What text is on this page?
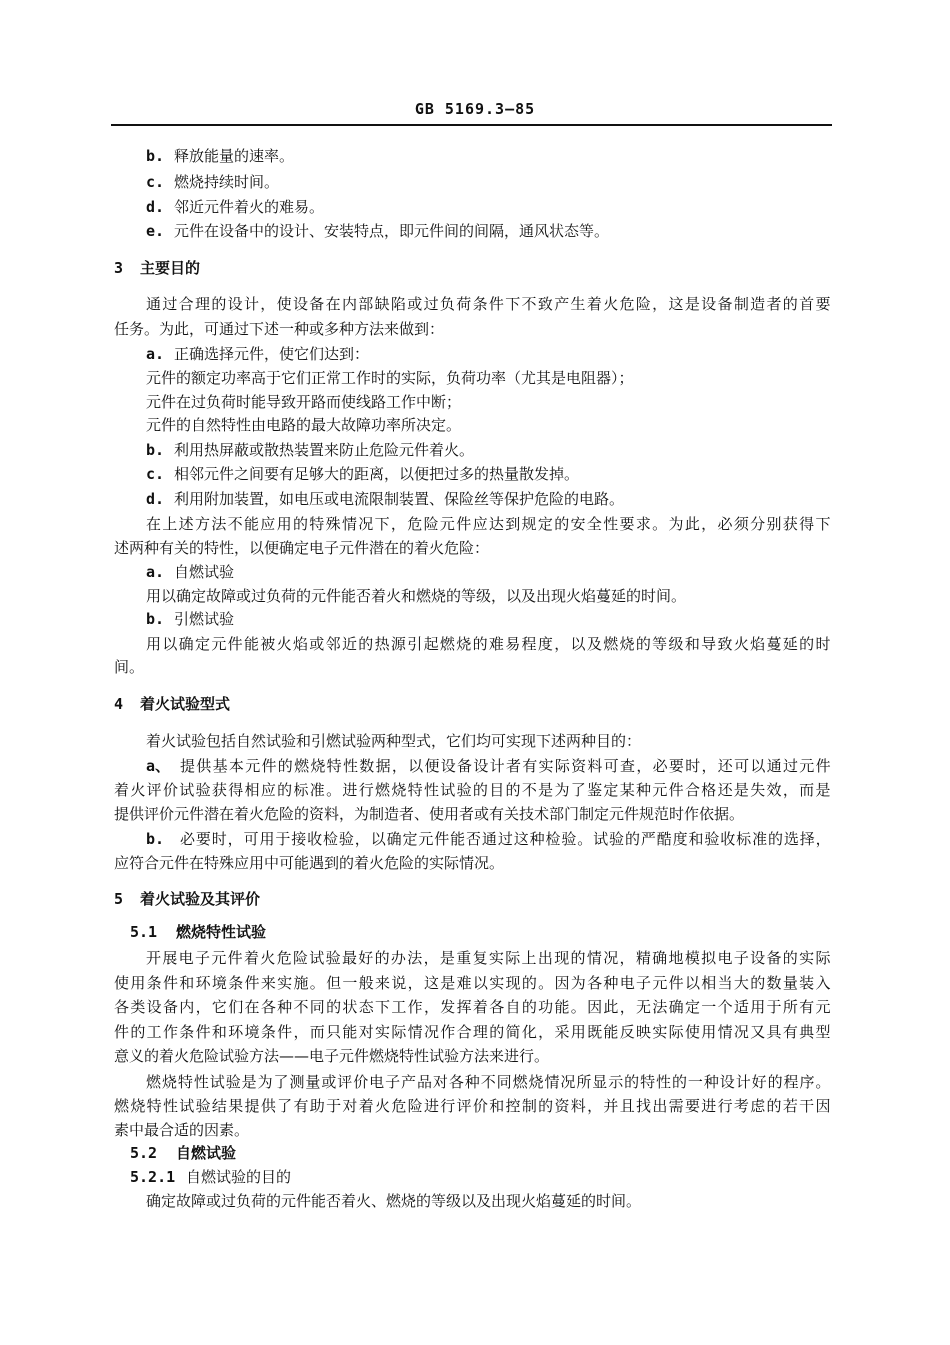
GB 5169.3—85
b. 释放能量的速率。
c. 燃烧持续时间。
d. 邻近元件着火的难易。
e. 元件在设备中的设计、安装特点，即元件间的间隔，通风状态等。
3 主要目的
通 过 合 理 的 设 计 ， 使 设 备 在 内 部 缺 陷 或 过 负 荷 条 件 下 不 致 产 生 着 火 危 险 ， 这 是 设 备 制 造 者 的 首 要
任务。为此，可通过下述一种或多种方法来做到：
a. 正确选择元件，使它们达到：
元件的额定功率高于它们正常工作时的实际，负荷功率（尤其是电阻器）；
元件在过负荷时能导致开路而使线路工作中断；
元件的自然特性由电路的最大故障功率所决定。
b. 利用热屏蔽或散热装置来防止危险元件着火。
c. 相邻元件之间要有足够大的距离，以便把过多的热量散发掉。
d. 利用附加装置，如电压或电流限制装置、保险丝等保护危险的电路。
在 上 述 方 法 不 能 应 用 的 特 殊 情 况 下 ， 危 险 元 件 应 达 到 规 定 的 安 全 性 要 求 。 为 此 ， 必 须 分 别 获 得 下
述两种有关的特性，以便确定电子元件潜在的着火危险：
a. 自燃试验
用以确定故障或过负荷的元件能否着火和燃烧的等级，以及出现火焰蔓延的时间。
b. 引燃试验
用 以 确 定 元 件 能 被 火 焰 或 邻 近 的 热 源 引 起 燃 烧 的 难 易 程 度 ， 以 及 燃 烧 的 等 级 和 导 致 火 焰 蔓 延 的 时
间。
4 着火试验型式
着火试验包括自然试验和引燃试验两种型式，它们均可实现下述两种目的：
a、 提 供 基 本 元 件 的 燃 烧 特 性 数 据 ， 以 便 设 备 设 计 者 有 实 际 资 料 可 查 ， 必 要 时 ， 还 可 以 通 过 元 件
着 火 评 价 试 验 获 得 相 应 的 标 准 。 进 行 燃 烧 特 性 试 验 的 目 的 不 是 为 了 鉴 定 某 种 元 件 合 格 还 是 失 效 ， 而 是
提供评价元件潜在着火危险的资料，为制造者、使用者或有关技术部门制定元件规范时作依据。
b.	必 要 时 ， 可 用 于 接 收 检 验 ， 以 确 定 元 件 能 否 通 过 这 种 检 验 。 试 验 的 严 酷 度 和 验 收 标 准 的 选 择 ，
应符合元件在特殊应用中可能遇到的着火危险的实际情况。
5 着火试验及其评价
5.1 燃烧特性试验
开 展 电 子 元 件 着 火 危 险 试 验 最 好 的 办 法 ， 是 重 复 实 际 上 出 现 的 情 况 ， 精 确 地 模 拟 电 子 设 备 的 实 际
使 用 条 件 和 环 境 条 件 来 实 施 。 但 一 般 来 说 ， 这 是 难 以 实 现 的 。 因 为 各 种 电 子 元 件 以 相 当 大 的 数 量 装 入
各 类 设 备 内 ， 它 们 在 各 种 不 同 的 状 态 下 工 作 ， 发 挥 着 各 自 的 功 能 。 因 此 ， 无 法 确 定 一 个 适 用 于 所 有 元
件 的 工 作 条 件 和 环 境 条 件 ， 而 只 能 对 实 际 情 况 作 合 理 的 简 化 ， 采 用 既 能 反 映 实 际 使 用 情 况 又 具 有 典 型
意义的着火危险试验方法——电子元件燃烧特性试验方法来进行。
燃 烧 特 性 试 验 是 为 了 测 量 或 评 价 电 子 产 品 对 各 种 不 同 燃 烧 情 况 所 显 示 的 特 性 的 一 种 设 计 好 的 程 序 。
燃 烧 特 性 试 验 结 果 提 供 了 有 助 于 对 着 火 危 险 进 行 评 价 和 控 制 的 资 料 ， 并 且 找 出 需 要 进 行 考 虑 的 若 干 因
素中最合适的因素。
5.2 自燃试验
5.2.1 自燃试验的目的
确定故障或过负荷的元件能否着火、燃烧的等级以及出现火焰蔓延的时间。
